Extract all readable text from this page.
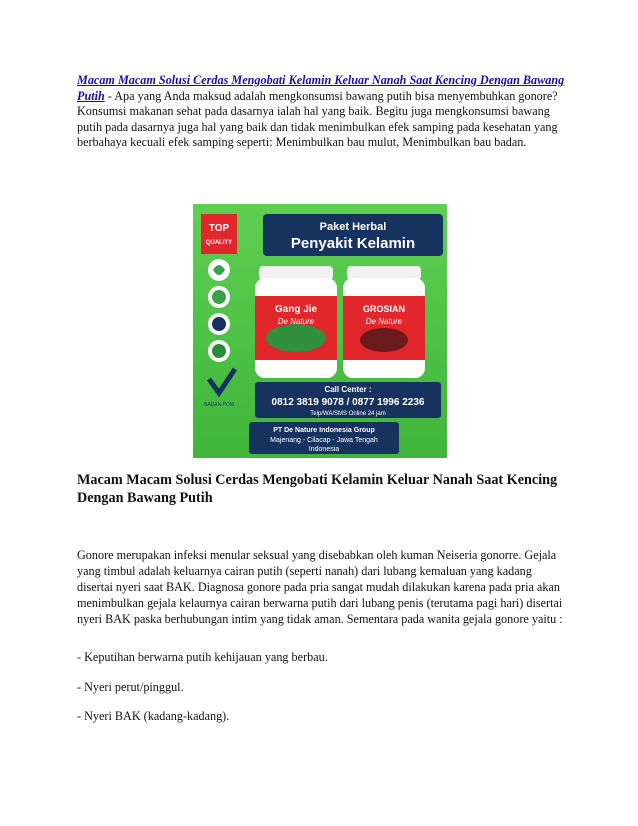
Macam Macam Solusi Cerdas Mengobati Kelamin Keluar Nanah Saat Kencing Dengan Bawang Putih - Apa yang Anda maksud adalah mengkonsumsi bawang putih bisa menyembuhkan gonore? Konsumsi makanan sehat pada dasarnya ialah hal yang baik. Begitu juga mengkonsumsi bawang putih pada dasarnya juga hal yang baik dan tidak menimbulkan efek samping pada kesehatan yang berbahaya kecuali efek samping seperti: Menimbulkan bau mulut, Menimbulkan bau badan.
Paket Herbal
Penyakit Kelamin
TOP
QUALITY
BADAN POM
Gang Jie
De Nature
GROSIAN
De Nature
Call Center :
0812 3819 9078 / 0877 1996 2236
Telp/WA/SMS Online 24 jam
PT De Nature Indonesia Group
Majenang - Cilacap - Jawa Tengah
Indonesia
Macam Macam Solusi Cerdas Mengobati Kelamin Keluar Nanah Saat Kencing Dengan Bawang Putih

Gonore merupakan infeksi menular seksual yang disebabkan oleh kuman Neiseria gonorre. Gejala yang timbul adalah keluarnya cairan putih (seperti nanah) dari lubang kemaluan yang kadang disertai nyeri saat BAK. Diagnosa gonore pada pria sangat mudah dilakukan karena pada pria akan menimbulkan gejala kelaurnya cairan berwarna putih dari lubang penis (terutama pagi hari) disertai nyeri BAK paska berhubungan intim yang tidak aman. Sementara pada wanita gejala gonore yaitu :

- Keputihan berwarna putih kehijauan yang berbau.
- Nyeri perut/pinggul.
- Nyeri BAK (kadang-kadang).
